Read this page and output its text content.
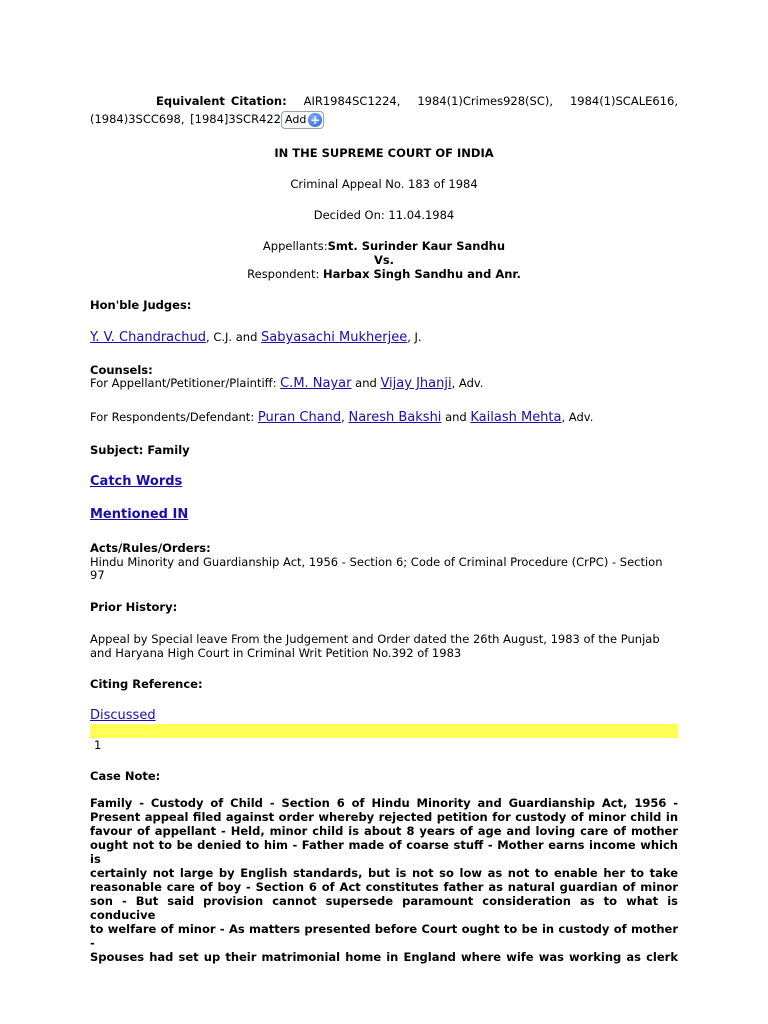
Equivalent Citation: AIR1984SC1224, 1984(1)Crimes928(SC), 1984(1)SCALE616,
(1984)3SCC698, [1984]3SCR422 Add +
IN THE SUPREME COURT OF INDIA
Criminal Appeal No. 183 of 1984
Decided On: 11.04.1984
Appellants:Smt. Surinder Kaur Sandhu
Vs.
Respondent: Harbax Singh Sandhu and Anr.
Hon'ble Judges:
Y. V. Chandrachud, C.J. and Sabyasachi Mukherjee, J.
Counsels:
For Appellant/Petitioner/Plaintiff: C.M. Nayar and Vijay Jhanji, Adv.
For Respondents/Defendant: Puran Chand, Naresh Bakshi and Kailash Mehta, Adv.
Subject: Family
Catch Words
Mentioned IN
Acts/Rules/Orders:
Hindu Minority and Guardianship Act, 1956 - Section 6; Code of Criminal Procedure (CrPC) - Section
97
Prior History:
Appeal by Special leave From the Judgement and Order dated the 26th August, 1983 of the Punjab
and Haryana High Court in Criminal Writ Petition No.392 of 1983
Citing Reference:
Discussed
1
Case Note:
Family - Custody of Child - Section 6 of Hindu Minority and Guardianship Act, 1956 -
Present appeal filed against order whereby rejected petition for custody of minor child in
favour of appellant - Held, minor child is about 8 years of age and loving care of mother
ought not to be denied to him - Father made of coarse stuff - Mother earns income which is
certainly not large by English standards, but is not so low as not to enable her to take
reasonable care of boy - Section 6 of Act constitutes father as natural guardian of minor
son - But said provision cannot supersede paramount consideration as to what is conducive
to welfare of minor - As matters presented before Court ought to be in custody of mother -
Spouses had set up their matrimonial home in England where wife was working as clerk
